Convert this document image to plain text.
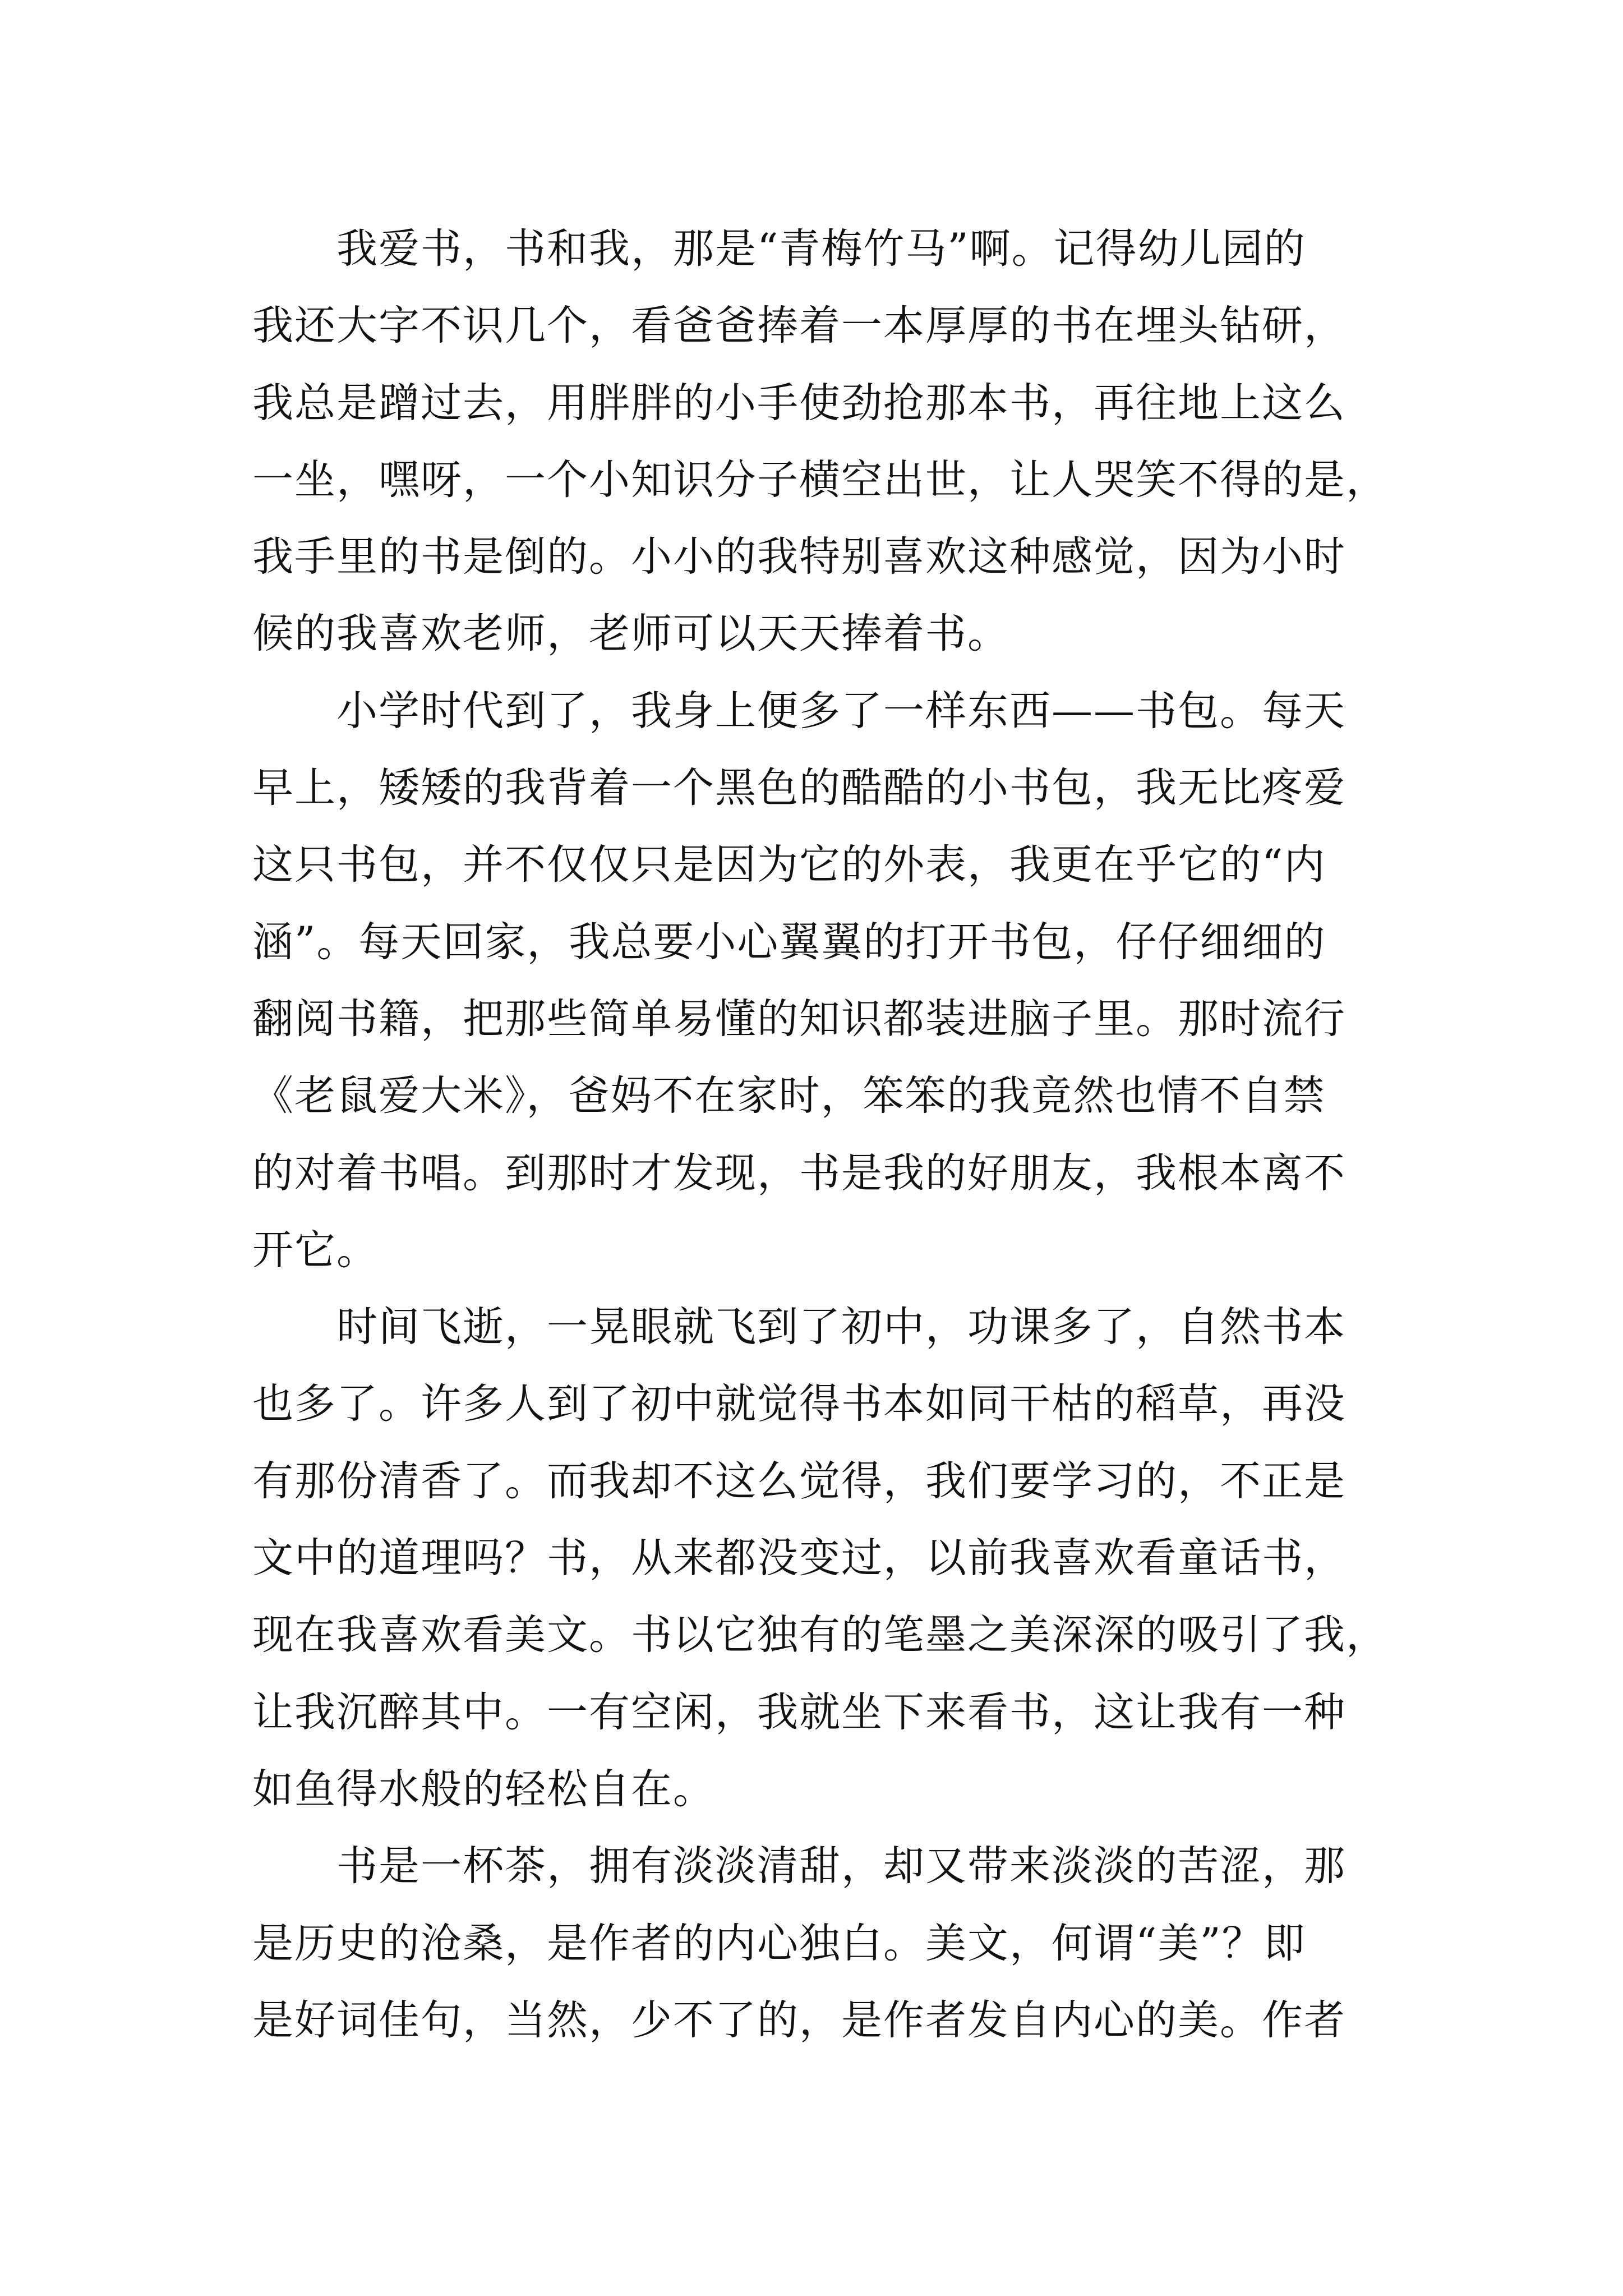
我爱书，书和我，那是“青梅竹马”啊。记得幼儿园的
我还大字不识几个，看爸爸捧着一本厚厚的书在埋头钻研，
我总是蹭过去，用胖胖的小手使劲抢那本书，再往地上这么
一坐，嘿呀，一个小知识分子横空出世，让人哭笑不得的是，
我手里的书是倒的。小小的我特别喜欢这种感觉，因为小时
候的我喜欢老师，老师可以天天捧着书。
小学时代到了，我身上便多了一样东西——书包。每天
早上，矮矮的我背着一个黑色的酷酷的小书包，我无比疼爱
这只书包，并不仅仅只是因为它的外表，我更在乎它的“内
涵”。每天回家，我总要小心翼翼的打开书包，仔仔细细的
翻阅书籍，把那些简单易懂的知识都装进脑子里。那时流行
《老鼠爱大米》，爸妈不在家时，笨笨的我竟然也情不自禁
的对着书唱。到那时才发现，书是我的好朋友，我根本离不
开它。
时间飞逝，一晃眼就飞到了初中，功课多了，自然书本
也多了。许多人到了初中就觉得书本如同干枯的稻草，再没
有那份清香了。而我却不这么觉得，我们要学习的，不正是
文中的道理吗？书，从来都没变过，以前我喜欢看童话书，
现在我喜欢看美文。书以它独有的笔墨之美深深的吸引了我，
让我沉醉其中。一有空闲，我就坐下来看书，这让我有一种
如鱼得水般的轻松自在。
书是一杯茶，拥有淡淡清甜，却又带来淡淡的苦涩，那
是历史的沧桑，是作者的内心独白。美文，何谓“美”？即
是好词佳句，当然，少不了的，是作者发自内心的美。作者
